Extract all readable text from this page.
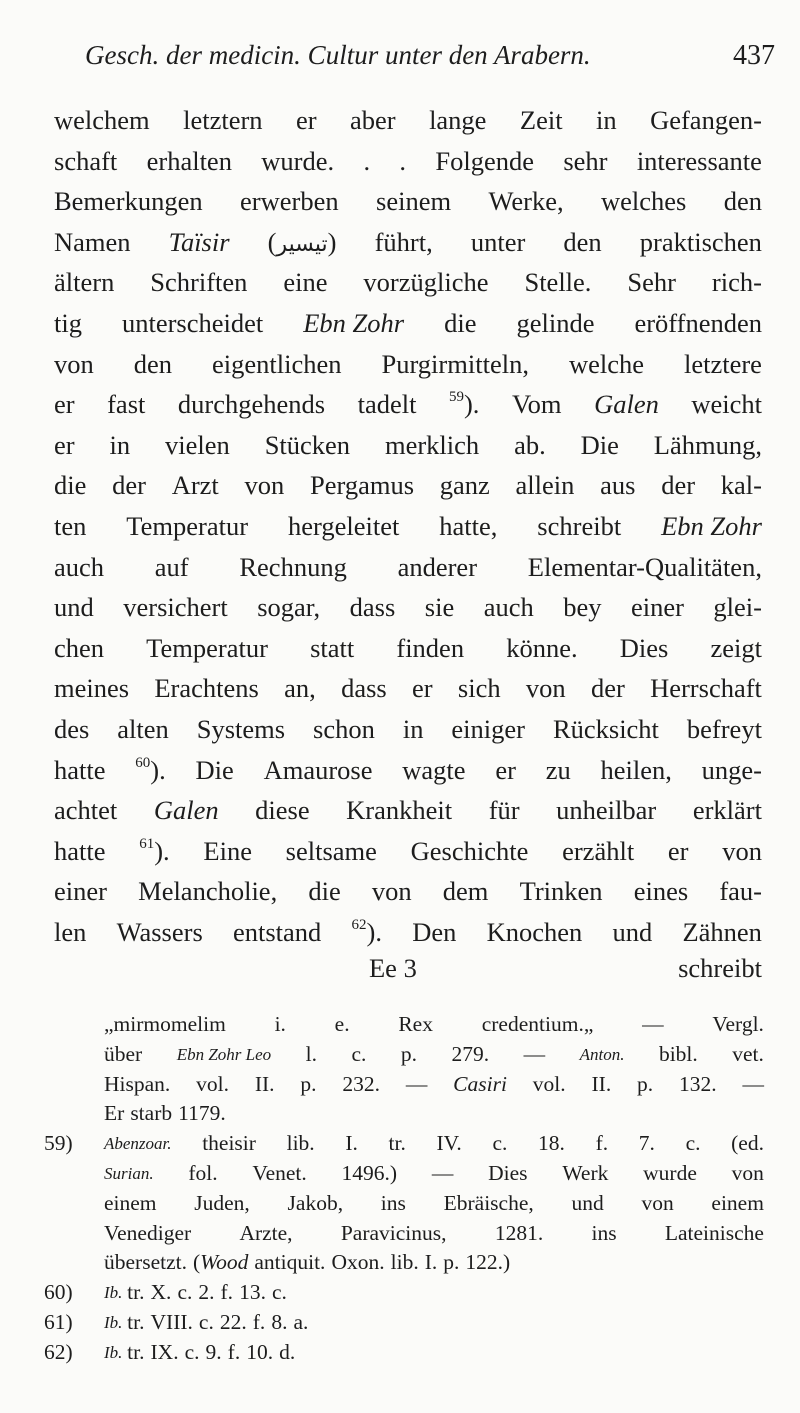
Gesch. der medicin. Cultur unter den Arabern.	437
welchem letztern er aber lange Zeit in Gefangen-
schaft erhalten wurde. . . Folgende sehr interessante
Bemerkungen erwerben seinem Werke, welches den
Namen Taïsir (تيسير) führt, unter den praktischen
ältern Schriften eine vorzügliche Stelle. Sehr rich-
tig unterscheidet Ebn Zohr die gelinde eröffnenden
von den eigentlichen Purgirmitteln, welche letztere
er fast durchgehends tadelt $^{59}$). Vom Galen weicht
er in vielen Stücken merklich ab. Die Lähmung,
die der Arzt von Pergamus ganz allein aus der kal-
ten Temperatur hergeleitet hatte, schreibt Ebn Zohr
auch auf Rechnung anderer Elementar-Qualitäten,
und versichert sogar, dass sie auch bey einer glei-
chen Temperatur statt finden könne. Dies zeigt
meines Erachtens an, dass er sich von der Herrschaft
des alten Systems schon in einiger Rücksicht befreyt
hatte $^{60}$). Die Amaurose wagte er zu heilen, unge-
achtet Galen diese Krankheit für unheilbar erklärt
hatte $^{61}$). Eine seltsame Geschichte erzählt er von
einer Melancholie, die von dem Trinken eines fau-
len Wassers entstand $^{62}$). Den Knochen und Zähnen
Ee 3	schreibt
„mirmomelim i. e. Rex credentium.„ — Vergl.
über Ebn Zohr Leo l. c. p. 279. — Anton. bibl. vet.
Hispan. vol. II. p. 232. — Casiri vol. II. p. 132. —
Er starb 1179.
59) Abenzoar. theisir lib. I. tr. IV. c. 18. f. 7. c. (ed.
Surian. fol. Venet. 1496.) — Dies Werk wurde von
einem Juden, Jakob, ins Ebräische, und von einem
Venediger Arzte, Paravicinus, 1281. ins Lateinische
übersetzt. (Wood antiquit. Oxon. lib. I. p. 122.)
60) Ib. tr. X. c. 2. f. 13. c.
61) Ib. tr. VIII. c. 22. f. 8. a.
62) Ib. tr. IX. c. 9. f. 10. d.
